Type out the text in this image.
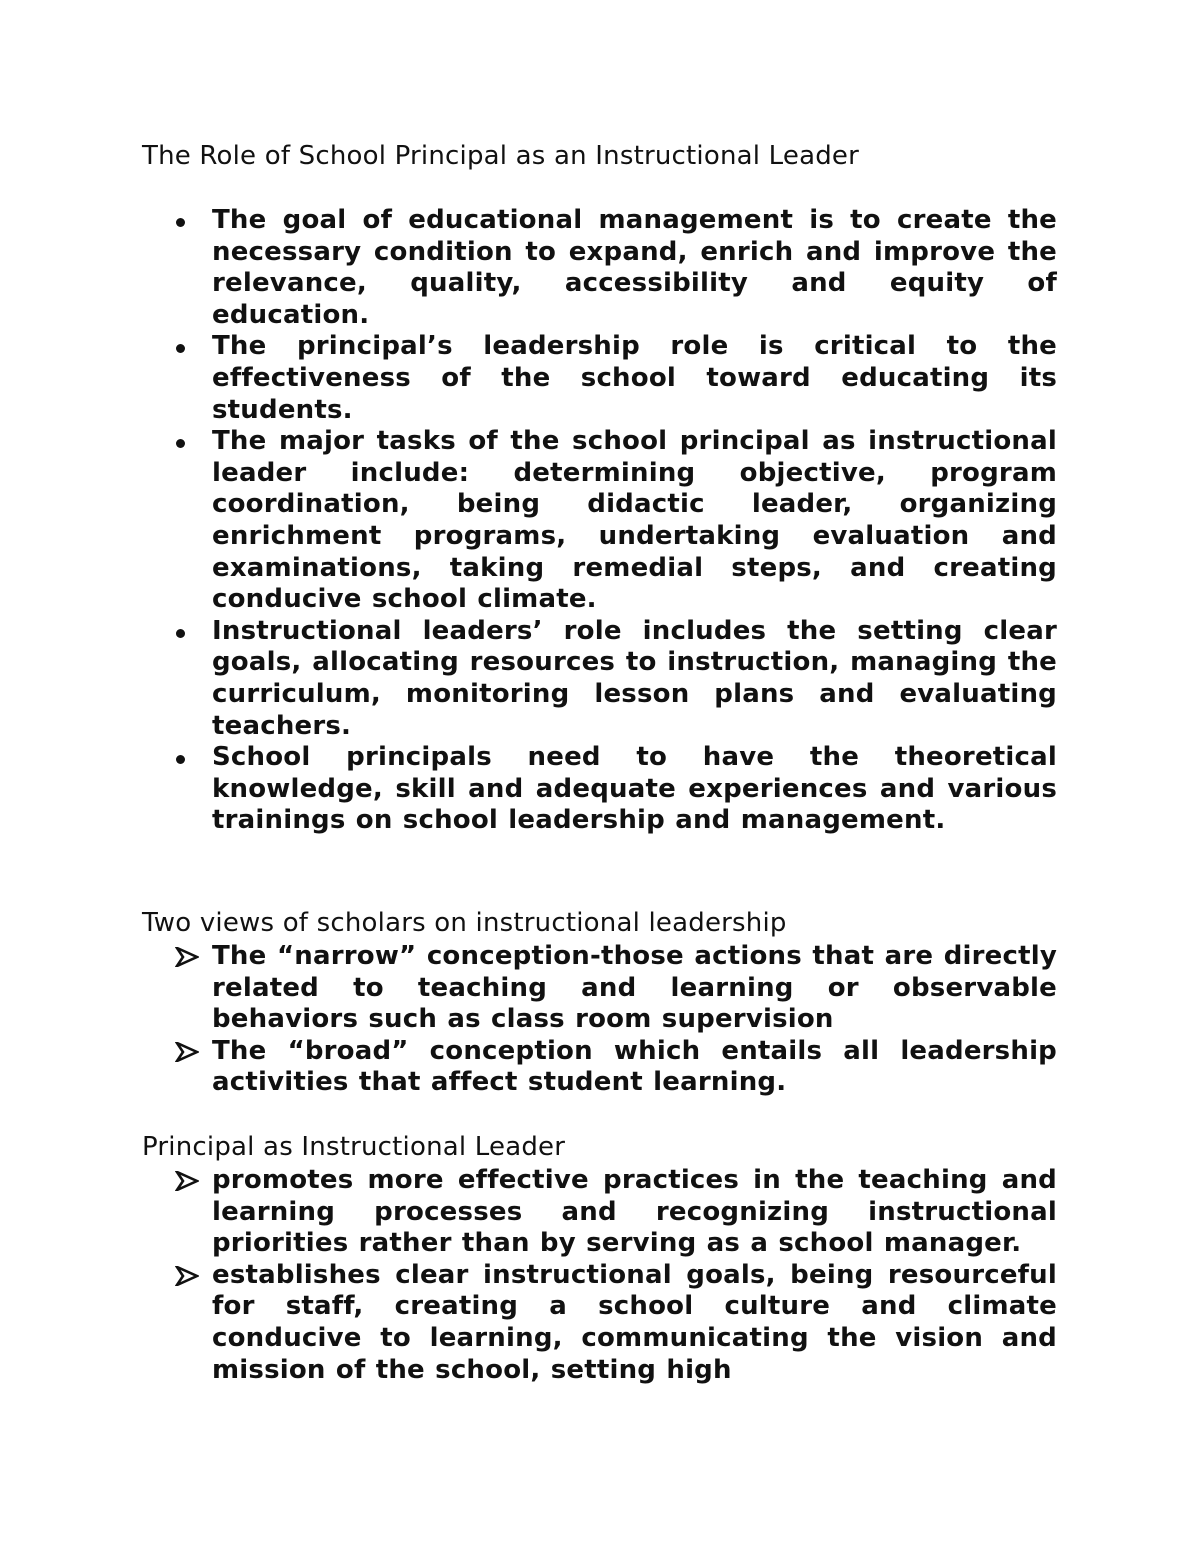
The Role of School Principal as an Instructional Leader
The goal of educational management is to create the necessary condition to expand, enrich and improve the relevance, quality, accessibility and equity of education.
The principal’s leadership role is critical to the effectiveness of the school toward educating its students.
The major tasks of the school principal as instructional leader include: determining objective, program coordination, being didactic leader, organizing enrichment programs, undertaking evaluation and examinations, taking remedial steps, and creating conducive school climate.
Instructional leaders’ role includes the setting clear goals, allocating resources to instruction, managing the curriculum, monitoring lesson plans and evaluating teachers.
School principals need to have the theoretical knowledge, skill and adequate experiences and various trainings on school leadership and management.
Two views of scholars on instructional leadership
The “narrow” conception-those actions that are directly related to teaching and learning or observable behaviors such as class room supervision
The “broad” conception which entails all leadership activities that affect student learning.
Principal as Instructional Leader
promotes more effective practices in the teaching and learning processes and recognizing instructional priorities rather than by serving as a school manager.
establishes clear instructional goals, being resourceful for staff, creating a school culture and climate conducive to learning, communicating the vision and mission of the school, setting high
